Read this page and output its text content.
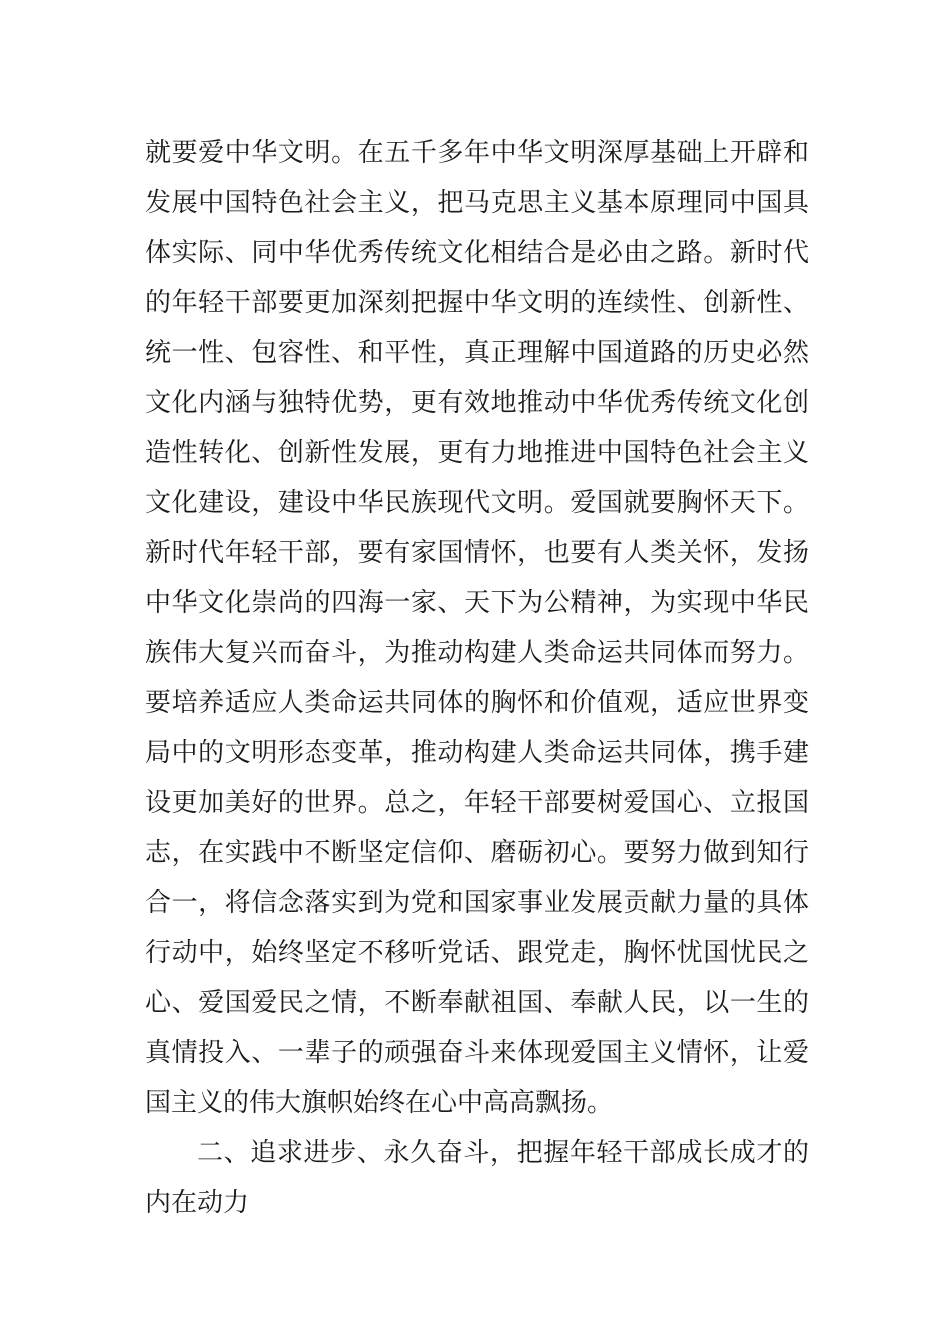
就要爱中华文明。在五千多年中华文明深厚基础上开辟和
发展中国特色社会主义，把马克思主义基本原理同中国具
体实际、同中华优秀传统文化相结合是必由之路。新时代
的年轻干部要更加深刻把握中华文明的连续性、创新性、
统一性、包容性、和平性，真正理解中国道路的历史必然
文化内涵与独特优势，更有效地推动中华优秀传统文化创
造性转化、创新性发展，更有力地推进中国特色社会主义
文化建设，建设中华民族现代文明。爱国就要胸怀天下。
新时代年轻干部，要有家国情怀，也要有人类关怀，发扬
中华文化崇尚的四海一家、天下为公精神，为实现中华民
族伟大复兴而奋斗，为推动构建人类命运共同体而努力。
要培养适应人类命运共同体的胸怀和价值观，适应世界变
局中的文明形态变革，推动构建人类命运共同体，携手建
设更加美好的世界。总之，年轻干部要树爱国心、立报国
志，在实践中不断坚定信仰、磨砺初心。要努力做到知行
合一，将信念落实到为党和国家事业发展贡献力量的具体
行动中，始终坚定不移听党话、跟党走，胸怀忧国忧民之
心、爱国爱民之情，不断奉献祖国、奉献人民，以一生的
真情投入、一辈子的顽强奋斗来体现爱国主义情怀，让爱
国主义的伟大旗帜始终在心中高高飘扬。
二、追求进步、永久奋斗，把握年轻干部成长成才的
内在动力
